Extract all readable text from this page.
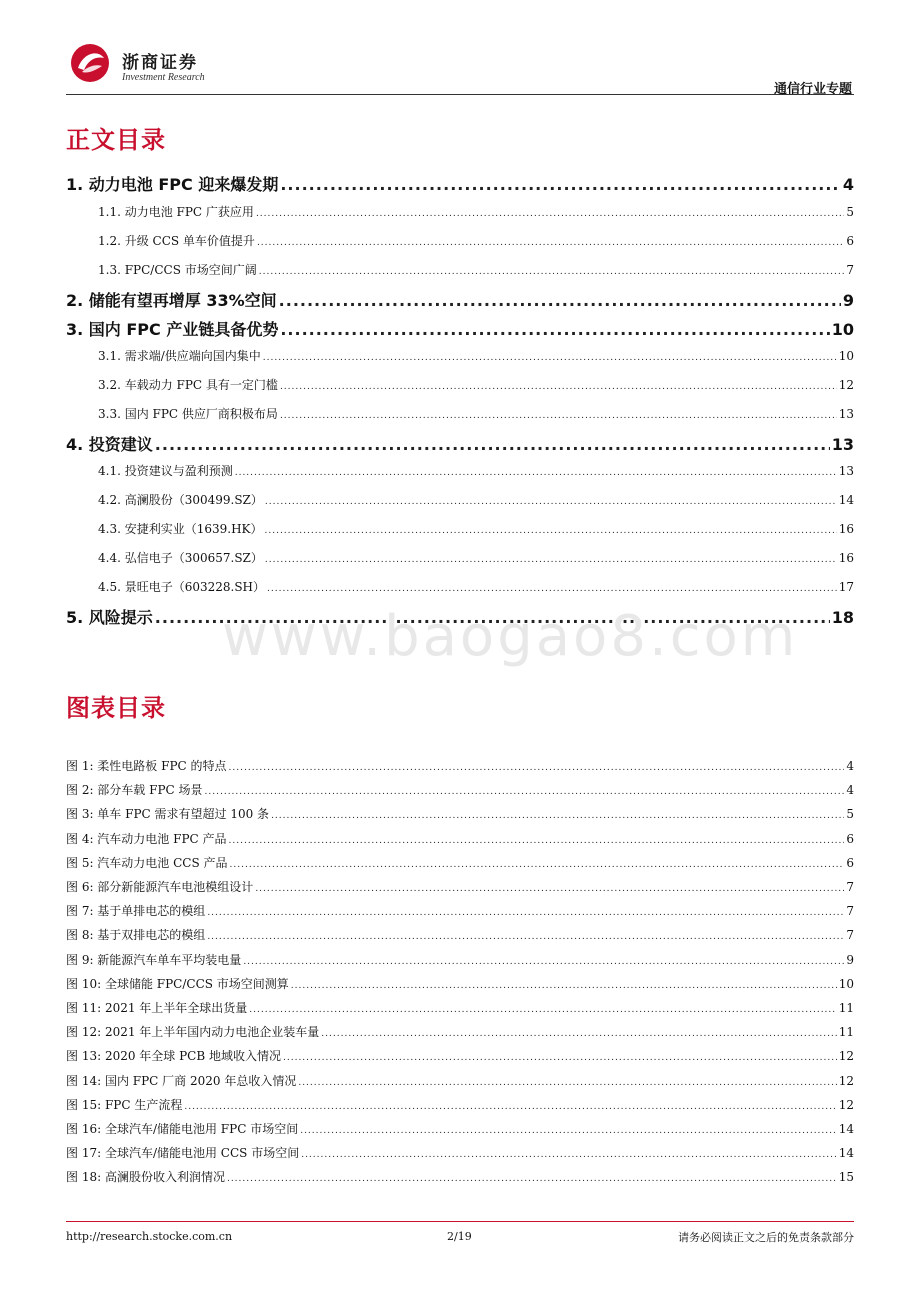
浙商证券
Investment Research
通信行业专题
正文目录
1. 动力电池 FPC 迎来爆发期 .....	4
1.1. 动力电池 FPC 广获应用 .....	5
1.2. 升级 CCS 单车价值提升 .....	6
1.3. FPC/CCS 市场空间广阔 .....	7
2. 储能有望再增厚 33%空间 .....	9
3. 国内 FPC 产业链具备优势 .....	10
3.1. 需求端/供应端向国内集中 .....	10
3.2. 车载动力 FPC 具有一定门槛 .....	12
3.3. 国内 FPC 供应厂商积极布局 .....	13
4. 投资建议 .....	13
4.1. 投资建议与盈利预测 .....	13
4.2. 高澜股份（300499.SZ） .....	14
4.3. 安捷利实业（1639.HK） .....	16
4.4. 弘信电子（300657.SZ） .....	16
4.5. 景旺电子（603228.SH） .....	17
5. 风险提示 .....	18
www.baogao8.com
图表目录
图 1: 柔性电路板 FPC 的特点 .....	4
图 2: 部分车载 FPC 场景 .....	4
图 3: 单车 FPC 需求有望超过 100 条 .....	5
图 4: 汽车动力电池 FPC 产品 .....	6
图 5: 汽车动力电池 CCS 产品 .....	6
图 6: 部分新能源汽车电池模组设计 .....	7
图 7: 基于单排电芯的模组 .....	7
图 8: 基于双排电芯的模组 .....	7
图 9: 新能源汽车单车平均装电量 .....	9
图 10: 全球储能 FPC/CCS 市场空间测算 .....	10
图 11: 2021 年上半年全球出货量 .....	11
图 12: 2021 年上半年国内动力电池企业装车量 .....	11
图 13: 2020 年全球 PCB 地域收入情况 .....	12
图 14: 国内 FPC 厂商 2020 年总收入情况 .....	12
图 15: FPC 生产流程 .....	12
图 16: 全球汽车/储能电池用 FPC 市场空间 .....	14
图 17: 全球汽车/储能电池用 CCS 市场空间 .....	14
图 18: 高澜股份收入利润情况 .....	15
http://research.stocke.com.cn	2/19	请务必阅读正文之后的免责条款部分
